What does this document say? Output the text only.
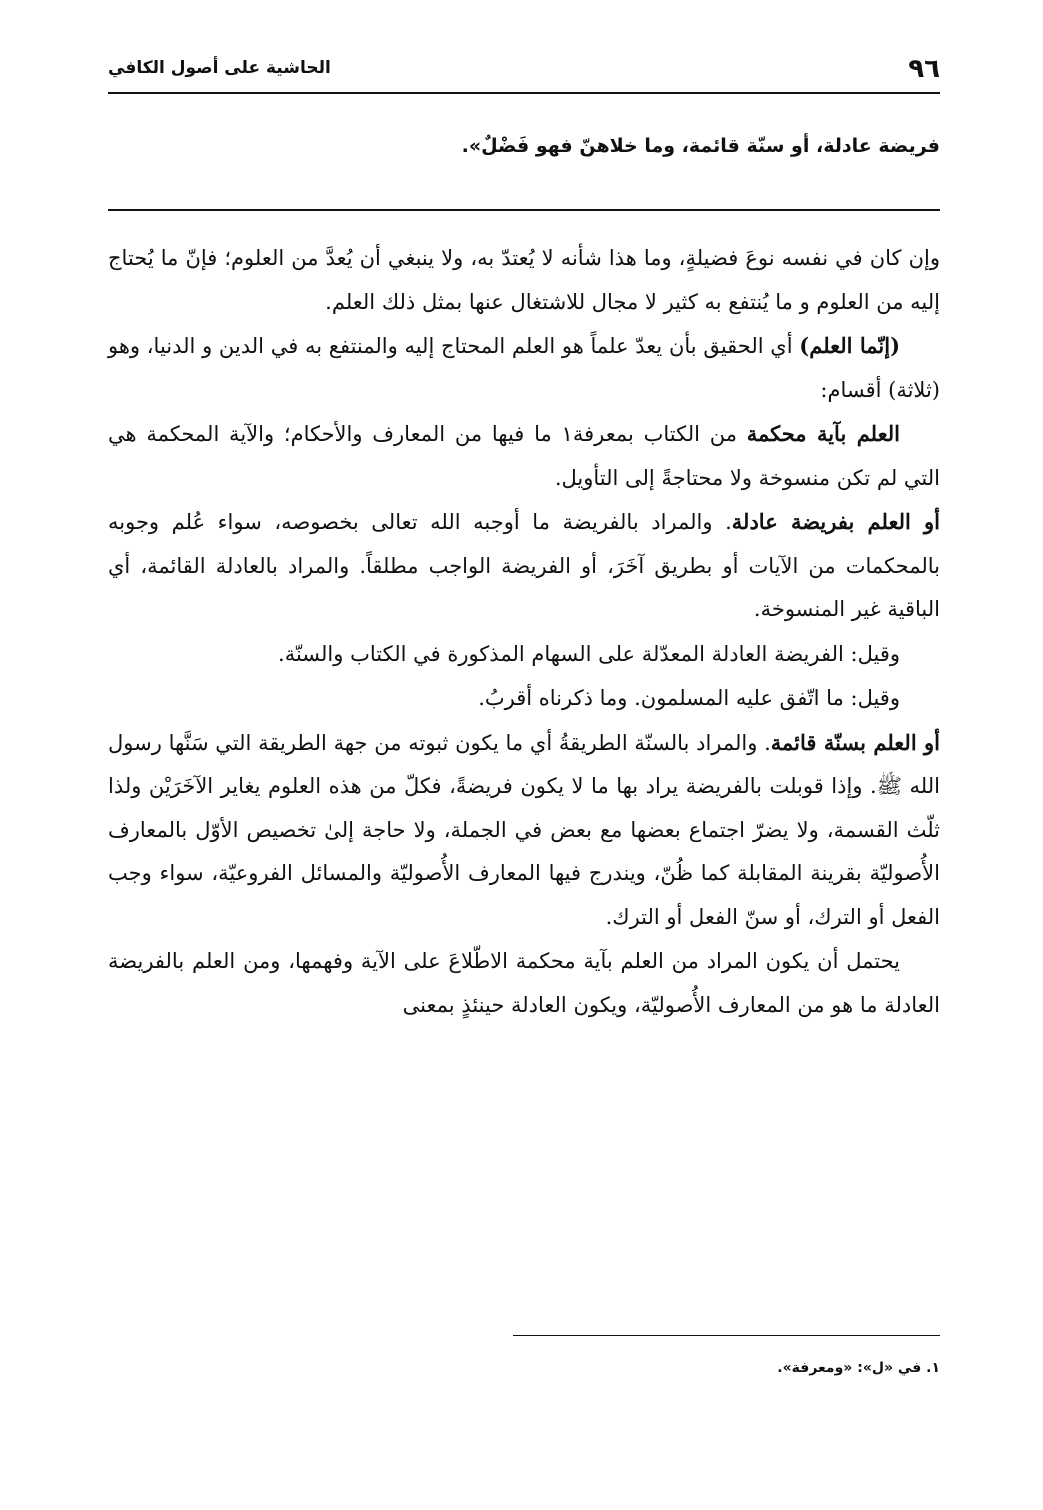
٩٦
الحاشية على أصول الكافي
فريضة عادلة، أو سنّة قائمة، وما خلاهنّ فهو فَضْلٌ».

وإن كان في نفسه نوعَ فضيلةٍ، وما هذا شأنه لا يُعتدّ به، ولا ينبغي أن يُعدَّ من العلوم؛ فإنّ ما يُحتاج إليه من العلوم و ما يُنتفع به كثير لا مجال للاشتغال عنها بمثل ذلك العلم.

(إنّما العلم) أي الحقيق بأن يعدّ علماً هو العلم المحتاج إليه والمنتفع به في الدين و الدنيا، وهو (ثلاثة) أقسام:

العلم بآية محكمة من الكتاب بمعرفة١ ما فيها من المعارف والأحكام؛ والآية المحكمة هي التي لم تكن منسوخة ولا محتاجةً إلى التأويل.

أو العلم بفريضة عادلة. والمراد بالفريضة ما أوجبه الله تعالى بخصوصه، سواء عُلم وجوبه بالمحكمات من الآيات أو بطريق آخَرَ، أو الفريضة الواجب مطلقاً. والمراد بالعادلة القائمة، أي الباقية غير المنسوخة.

وقيل: الفريضة العادلة المعدّلة على السهام المذكورة في الكتاب والسنّة.

وقيل: ما اتّفق عليه المسلمون. وما ذكرناه أقربُ.

أو العلم بسنّة قائمة. والمراد بالسنّة الطريقةُ أي ما يكون ثبوته من جهة الطريقة التي سَنَّها رسول الله ﷺ. وإذا قوبلت بالفريضة يراد بها ما لا يكون فريضةً، فكلّ من هذه العلوم يغاير الآخَرَيْن ولذا ثلّث القسمة، ولا يضرّ اجتماع بعضها مع بعض في الجملة، ولا حاجة إلىٰ تخصيص الأوّل بالمعارف الأُصوليّة بقرينة المقابلة كما ظُنّ، ويندرج فيها المعارف الأُصوليّة والمسائل الفروعيّة، سواء وجب الفعل أو الترك، أو سنّ الفعل أو الترك.

يحتمل أن يكون المراد من العلم بآية محكمة الاطّلاعَ على الآية وفهمها، ومن العلم بالفريضة العادلة ما هو من المعارف الأُصوليّة، ويكون العادلة حينئذٍ بمعنى

١. في «ل»: «ومعرفة».
